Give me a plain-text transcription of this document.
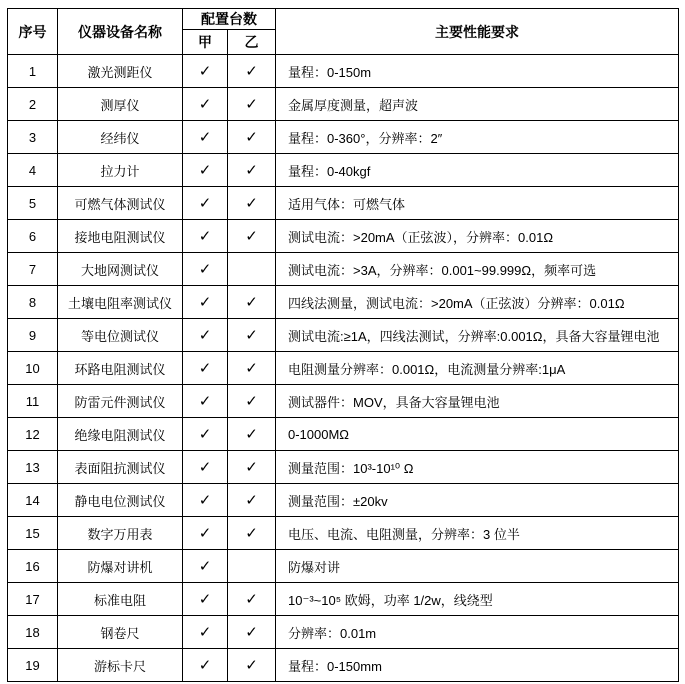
序号	仪器设备名称	配置台数		主要性能要求
		甲	乙	
1	激光测距仪	✓	✓	量程：0-150m
2	测厚仪	✓	✓	金属厚度测量，超声波
3	经纬仪	✓	✓	量程：0-360°，分辨率：2″
4	拉力计	✓	✓	量程：0-40kgf
5	可燃气体测试仪	✓	✓	适用气体：可燃气体
6	接地电阻测试仪	✓	✓	测试电流：>20mA（正弦波），分辨率：0.01Ω
7	大地网测试仪	✓		测试电流：>3A，分辨率：0.001~99.999Ω，频率可选
8	土壤电阻率测试仪	✓	✓	四线法测量，测试电流：>20mA（正弦波）分辨率：0.01Ω
9	等电位测试仪	✓	✓	测试电流:≥1A，四线法测试，分辨率:0.001Ω，具备大容量锂电池
10	环路电阻测试仪	✓	✓	电阻测量分辨率：0.001Ω，电流测量分辨率:1μA
11	防雷元件测试仪	✓	✓	测试器件：MOV，具备大容量锂电池
12	绝缘电阻测试仪	✓	✓	0-1000MΩ
13	表面阻抗测试仪	✓	✓	测量范围：10³-10¹⁰ Ω
14	静电电位测试仪	✓	✓	测量范围：±20kv
15	数字万用表	✓	✓	电压、电流、电阻测量，分辨率：3 位半
16	防爆对讲机	✓		防爆对讲
17	标准电阻	✓	✓	10⁻³~10⁵ 欧姆，功率 1/2w，线绕型
18	钢卷尺	✓	✓	分辨率：0.01m
19	游标卡尺	✓	✓	量程：0-150mm
